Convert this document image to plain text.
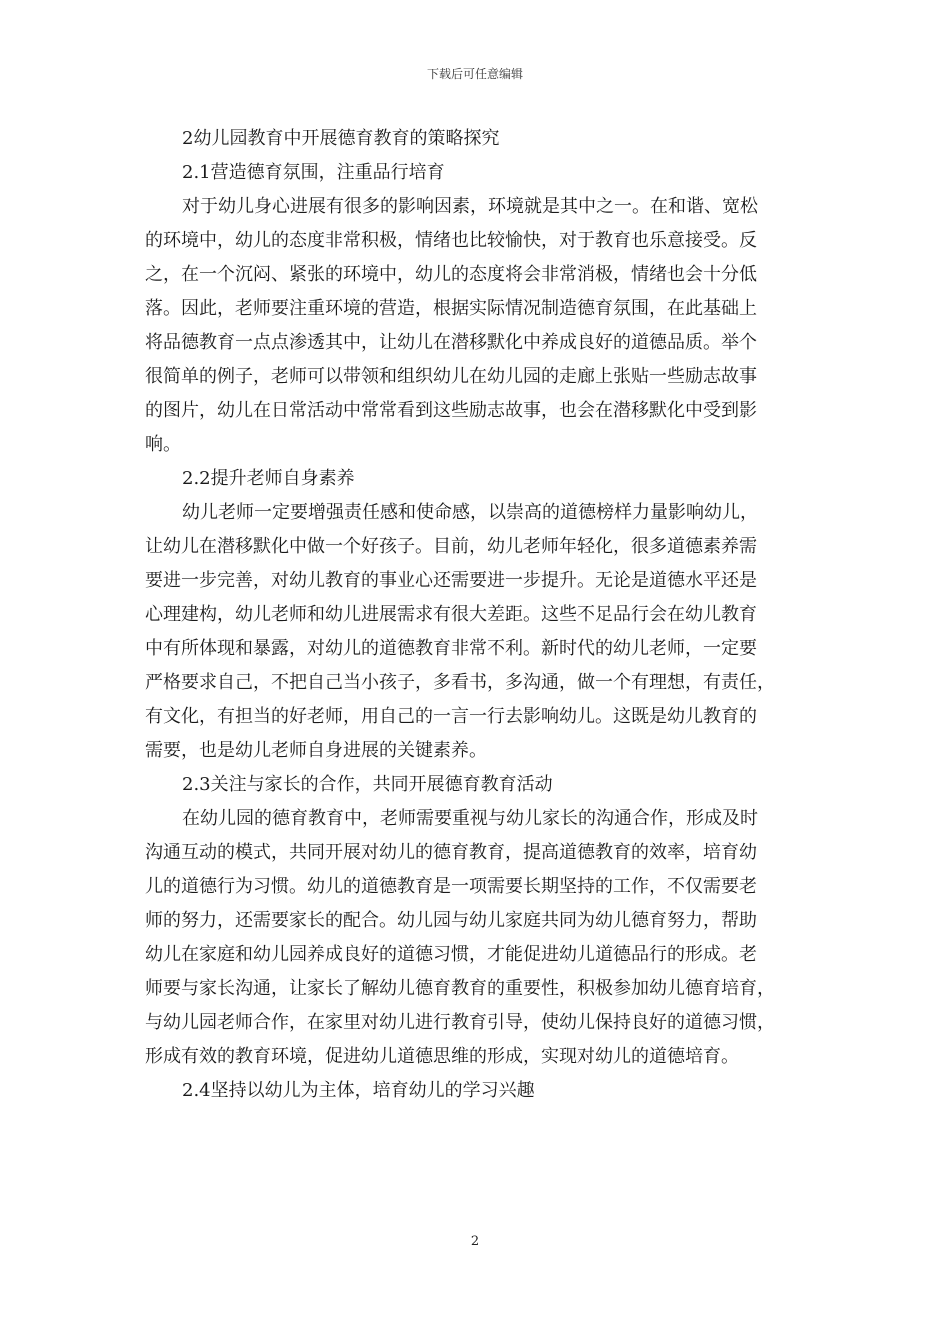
下载后可任意编辑
2幼儿园教育中开展德育教育的策略探究
2.1营造德育氛围，注重品行培育
对于幼儿身心进展有很多的影响因素，环境就是其中之一。在和谐、宽松
的环境中，幼儿的态度非常积极，情绪也比较愉快，对于教育也乐意接受。反
之，在一个沉闷、紧张的环境中，幼儿的态度将会非常消极，情绪也会十分低
落。因此，老师要注重环境的营造，根据实际情况制造德育氛围，在此基础上
将品德教育一点点渗透其中，让幼儿在潜移默化中养成良好的道德品质。举个
很简单的例子，老师可以带领和组织幼儿在幼儿园的走廊上张贴一些励志故事
的图片，幼儿在日常活动中常常看到这些励志故事，也会在潜移默化中受到影
响。
2.2提升老师自身素养
幼儿老师一定要增强责任感和使命感，以崇高的道德榜样力量影响幼儿，
让幼儿在潜移默化中做一个好孩子。目前，幼儿老师年轻化，很多道德素养需
要进一步完善，对幼儿教育的事业心还需要进一步提升。无论是道德水平还是
心理建构，幼儿老师和幼儿进展需求有很大差距。这些不足品行会在幼儿教育
中有所体现和暴露，对幼儿的道德教育非常不利。新时代的幼儿老师，一定要
严格要求自己，不把自己当小孩子，多看书，多沟通，做一个有理想，有责任，
有文化，有担当的好老师，用自己的一言一行去影响幼儿。这既是幼儿教育的
需要，也是幼儿老师自身进展的关键素养。
2.3关注与家长的合作，共同开展德育教育活动
在幼儿园的德育教育中，老师需要重视与幼儿家长的沟通合作，形成及时
沟通互动的模式，共同开展对幼儿的德育教育，提高道德教育的效率，培育幼
儿的道德行为习惯。幼儿的道德教育是一项需要长期坚持的工作，不仅需要老
师的努力，还需要家长的配合。幼儿园与幼儿家庭共同为幼儿德育努力，帮助
幼儿在家庭和幼儿园养成良好的道德习惯，才能促进幼儿道德品行的形成。老
师要与家长沟通，让家长了解幼儿德育教育的重要性，积极参加幼儿德育培育，
与幼儿园老师合作，在家里对幼儿进行教育引导，使幼儿保持良好的道德习惯，
形成有效的教育环境，促进幼儿道德思维的形成，实现对幼儿的道德培育。
2.4坚持以幼儿为主体，培育幼儿的学习兴趣
2
